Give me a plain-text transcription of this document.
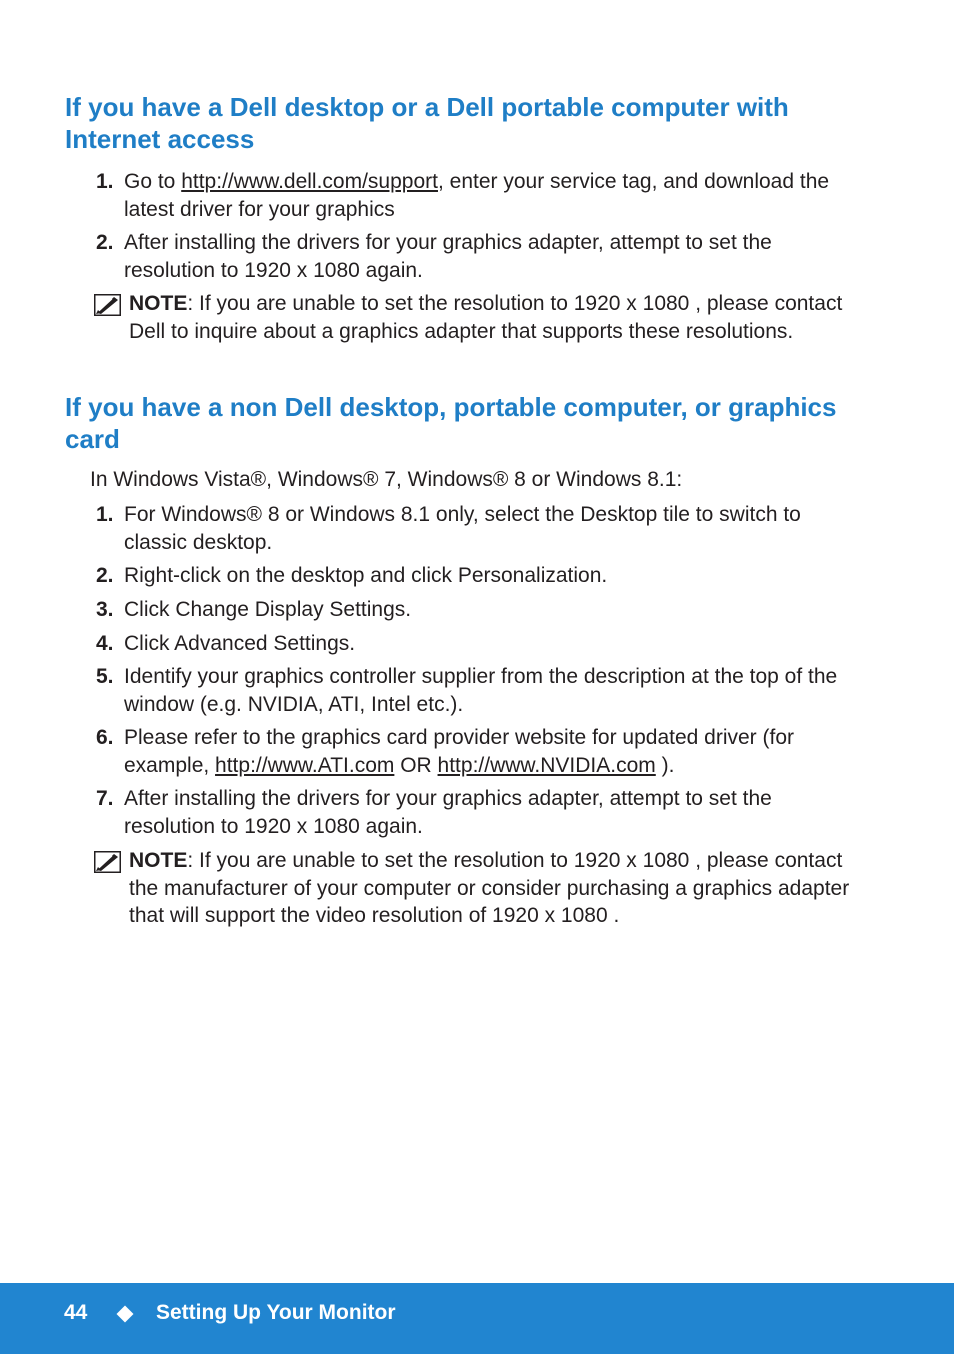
If you have a Dell desktop or a Dell portable computer with Internet access
1. Go to http://www.dell.com/support, enter your service tag, and download the latest driver for your graphics
2. After installing the drivers for your graphics adapter, attempt to set the resolution to 1920 x 1080 again.
NOTE: If you are unable to set the resolution to 1920 x 1080 , please contact Dell to inquire about a graphics adapter that supports these resolutions.
If you have a non Dell desktop, portable computer, or graphics card
In Windows Vista®, Windows® 7, Windows® 8 or Windows 8.1:
1. For Windows® 8 or Windows 8.1 only, select the Desktop tile to switch to classic desktop.
2. Right-click on the desktop and click Personalization.
3. Click Change Display Settings.
4. Click Advanced Settings.
5. Identify your graphics controller supplier from the description at the top of the window (e.g. NVIDIA, ATI, Intel etc.).
6. Please refer to the graphics card provider website for updated driver (for example, http://www.ATI.com OR http://www.NVIDIA.com ).
7. After installing the drivers for your graphics adapter, attempt to set the resolution to 1920 x 1080 again.
NOTE: If you are unable to set the resolution to 1920 x 1080 , please contact the manufacturer of your computer or consider purchasing a graphics adapter that will support the video resolution of 1920 x 1080 .
44	Setting Up Your Monitor
